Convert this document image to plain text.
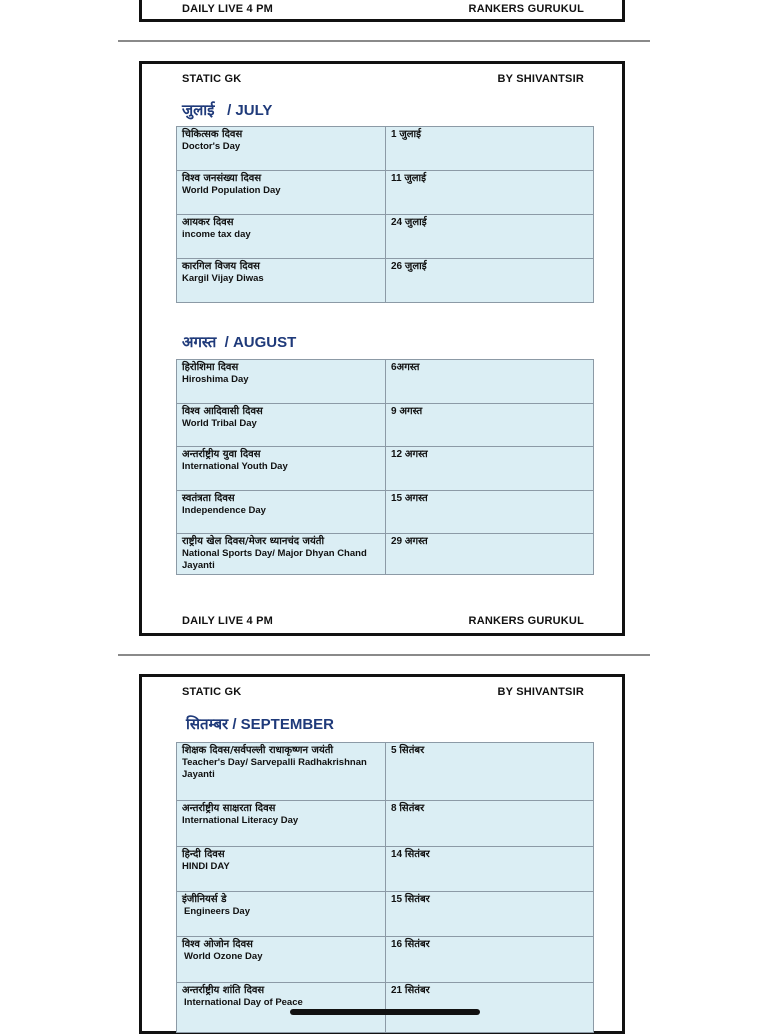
DAILY LIVE 4 PM	RANKERS GURUKUL
STATIC GK	BY SHIVANTSIR
जुलाई / JULY
चिकित्सक दिवस
Doctor's Day	1 जुलाई

विश्व जनसंख्या दिवस
World Population Day	11 जुलाई

आयकर दिवस
income tax day	24 जुलाई

कारगिल विजय दिवस
Kargil Vijay Diwas	26 जुलाई
अगस्त / AUGUST
हिरोशिमा दिवस
Hiroshima Day	6अगस्त

विश्व आदिवासी दिवस
World Tribal Day	9 अगस्त

अन्तर्राष्ट्रीय युवा दिवस
International Youth Day	12 अगस्त

स्वतंत्रता दिवस
Independence Day	15 अगस्त

राष्ट्रीय खेल दिवस/मेजर ध्यानचंद जयंती
National Sports Day/ Major Dhyan Chand Jayanti	29 अगस्त
DAILY LIVE 4 PM	RANKERS GURUKUL
STATIC GK	BY SHIVANTSIR
सितम्बर / SEPTEMBER
शिक्षक दिवस/सर्वपल्ली राधाकृष्णन जयंती
Teacher's Day/ Sarvepalli Radhakrishnan Jayanti	5 सितंबर

अन्तर्राष्ट्रीय साक्षरता दिवस
International Literacy Day	8 सितंबर

हिन्दी दिवस
HINDI DAY	14 सितंबर

इंजीनियर्स डे
Engineers Day	15 सितंबर

विश्व ओजोन दिवस
World Ozone Day	16 सितंबर

अन्तर्राष्ट्रीय शांति दिवस
International Day of Peace	21 सितंबर
